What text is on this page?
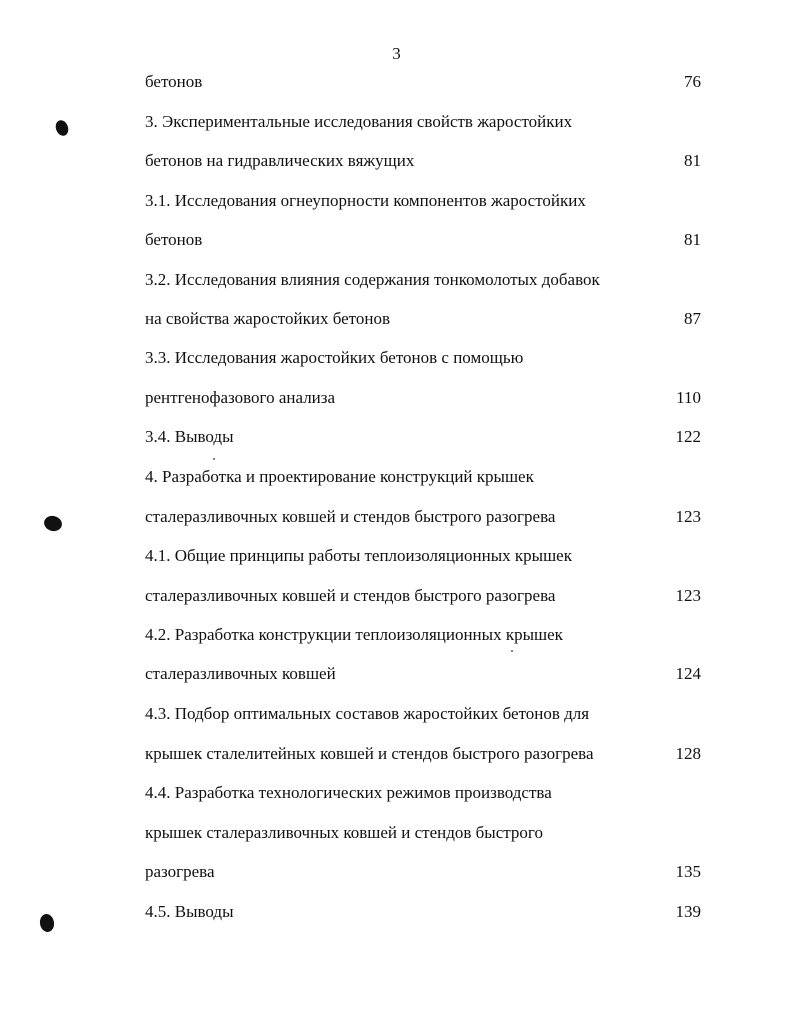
3
бетонов	76
3. Экспериментальные исследования свойств жаростойких
бетонов на гидравлических вяжущих	81
3.1. Исследования огнеупорности компонентов жаростойких
бетонов	81
3.2. Исследования влияния содержания тонкомолотых добавок
на свойства жаростойких бетонов	87
3.3. Исследования жаростойких бетонов с помощью
рентгенофазового анализа	110
3.4. Выводы	122
4. Разработка и проектирование конструкций крышек
сталеразливочных ковшей и стендов быстрого разогрева	123
4.1. Общие принципы работы теплоизоляционных крышек
сталеразливочных ковшей и стендов быстрого разогрева	123
4.2. Разработка конструкции теплоизоляционных крышек
сталеразливочных ковшей	124
4.3. Подбор оптимальных составов жаростойких бетонов для
крышек сталелитейных ковшей и стендов быстрого разогрева	128
4.4. Разработка технологических режимов производства
крышек сталеразливочных ковшей и стендов быстрого
разогрева	135
4.5. Выводы	139
